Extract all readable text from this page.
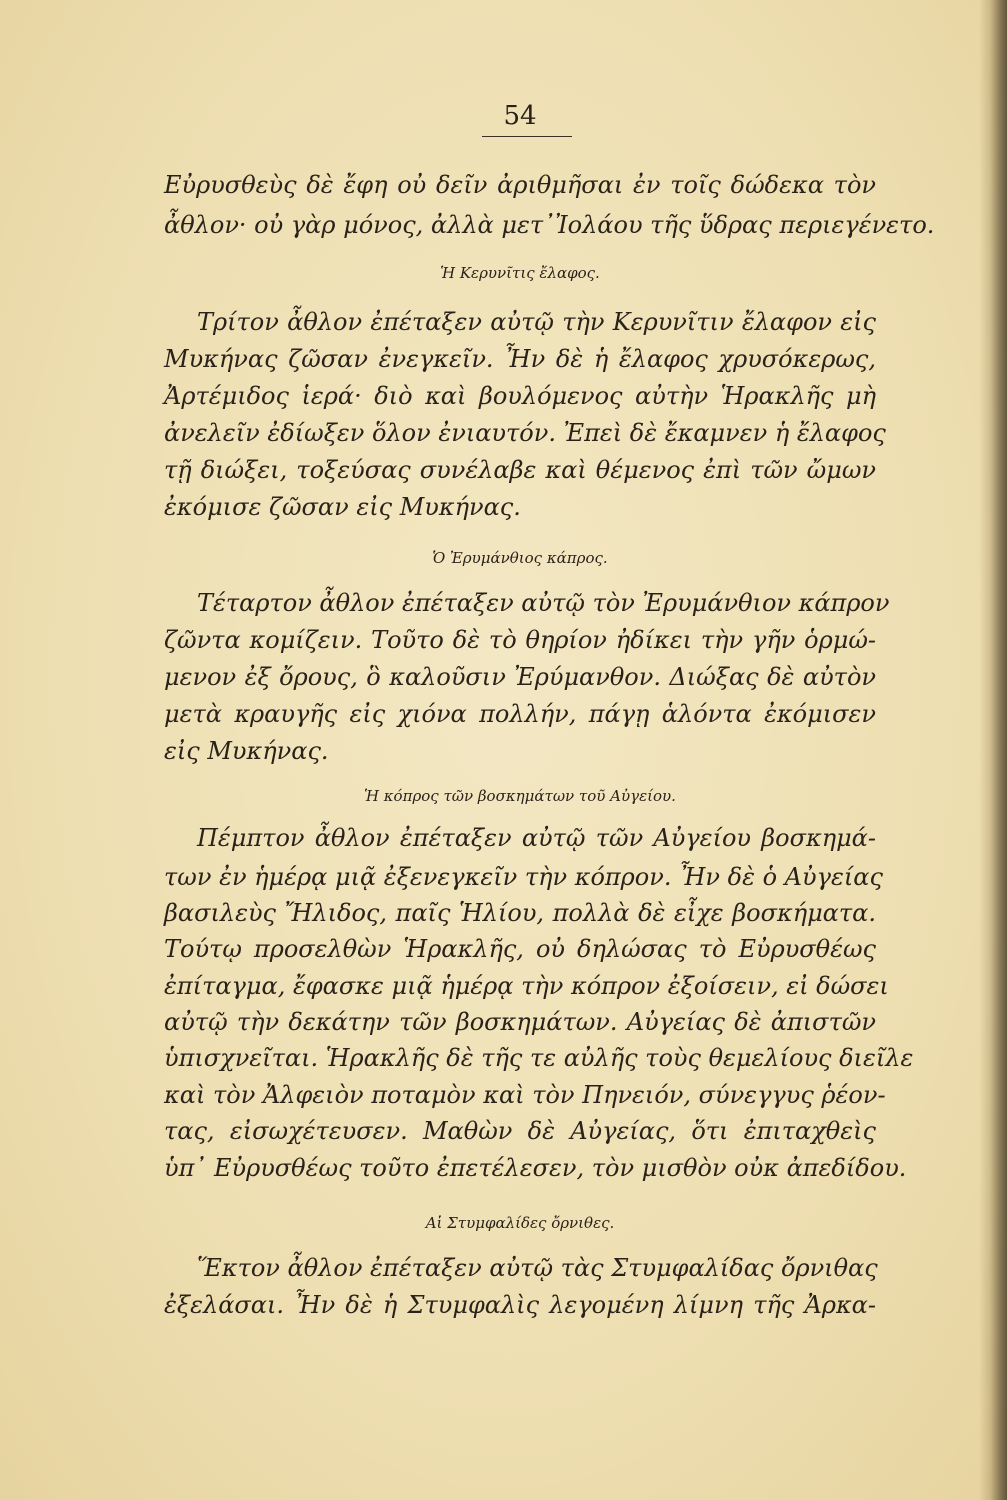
54
Εὐρυσθεὺς δὲ ἔφη οὐ δεῖν ἀριθμῆσαι ἐν τοῖς δώδεκα τὸν
ἆθλον· οὐ γὰρ μόνος, ἀλλὰ μετ᾽Ἰολάου τῆς ὕδρας περιεγένετο.
Ἡ Κερυνῖτις ἔλαφος.
Τρίτον ἆθλον ἐπέταξεν αὐτῷ τὴν Κερυνῖτιν ἔλαφον εἰς
Μυκήνας ζῶσαν ἐνεγκεῖν. Ἦν δὲ ἡ ἔλαφος χρυσόκερως,
Ἀρτέμιδος ἱερά· διὸ καὶ βουλόμενος αὐτὴν Ἡρακλῆς μὴ
ἀνελεῖν ἐδίωξεν ὅλον ἐνιαυτόν. Ἐπεὶ δὲ ἔκαμνεν ἡ ἔλαφος
τῇ διώξει, τοξεύσας συνέλαβε καὶ θέμενος ἐπὶ τῶν ὤμων
ἐκόμισε ζῶσαν εἰς Μυκήνας.
Ὁ Ἐρυμάνθιος κάπρος.
Τέταρτον ἆθλον ἐπέταξεν αὐτῷ τὸν Ἐρυμάνθιον κάπρον
ζῶντα κομίζειν. Τοῦτο δὲ τὸ θηρίον ἠδίκει τὴν γῆν ὁρμώ-
μενον ἐξ ὄρους, ὃ καλοῦσιν Ἐρύμανθον. Διώξας δὲ αὐτὸν
μετὰ κραυγῆς εἰς χιόνα πολλήν, πάγῃ ἁλόντα ἐκόμισεν
εἰς Μυκήνας.
Ἡ κόπρος τῶν βοσκημάτων τοῦ Αὐγείου.
Πέμπτον ἆθλον ἐπέταξεν αὐτῷ τῶν Αὐγείου βοσκημά-
των ἐν ἡμέρᾳ μιᾷ ἐξενεγκεῖν τὴν κόπρον. Ἦν δὲ ὁ Αὐγείας
βασιλεὺς Ἤλιδος, παῖς Ἡλίου, πολλὰ δὲ εἶχε βοσκήματα.
Τούτῳ προσελθὼν Ἡρακλῆς, οὐ δηλώσας τὸ Εὐρυσθέως
ἐπίταγμα, ἔφασκε μιᾷ ἡμέρᾳ τὴν κόπρον ἐξοίσειν, εἰ δώσει
αὐτῷ τὴν δεκάτην τῶν βοσκημάτων. Αὐγείας δὲ ἀπιστῶν
ὑπισχνεῖται. Ἡρακλῆς δὲ τῆς τε αὐλῆς τοὺς θεμελίους διεῖλε
καὶ τὸν Ἀλφειὸν ποταμὸν καὶ τὸν Πηνειόν, σύνεγγυς ῥέον-
τας, εἰσωχέτευσεν. Μαθὼν δὲ Αὐγείας, ὅτι ἐπιταχθεὶς
ὑπ᾽ Εὐρυσθέως τοῦτο ἐπετέλεσεν, τὸν μισθὸν οὐκ ἀπεδίδου.
Αἱ Στυμφαλίδες ὄρνιθες.
Ἕκτον ἆθλον ἐπέταξεν αὐτῷ τὰς Στυμφαλίδας ὄρνιθας
ἐξελάσαι. Ἦν δὲ ἡ Στυμφαλὶς λεγομένη λίμνη τῆς Ἀρκα-
